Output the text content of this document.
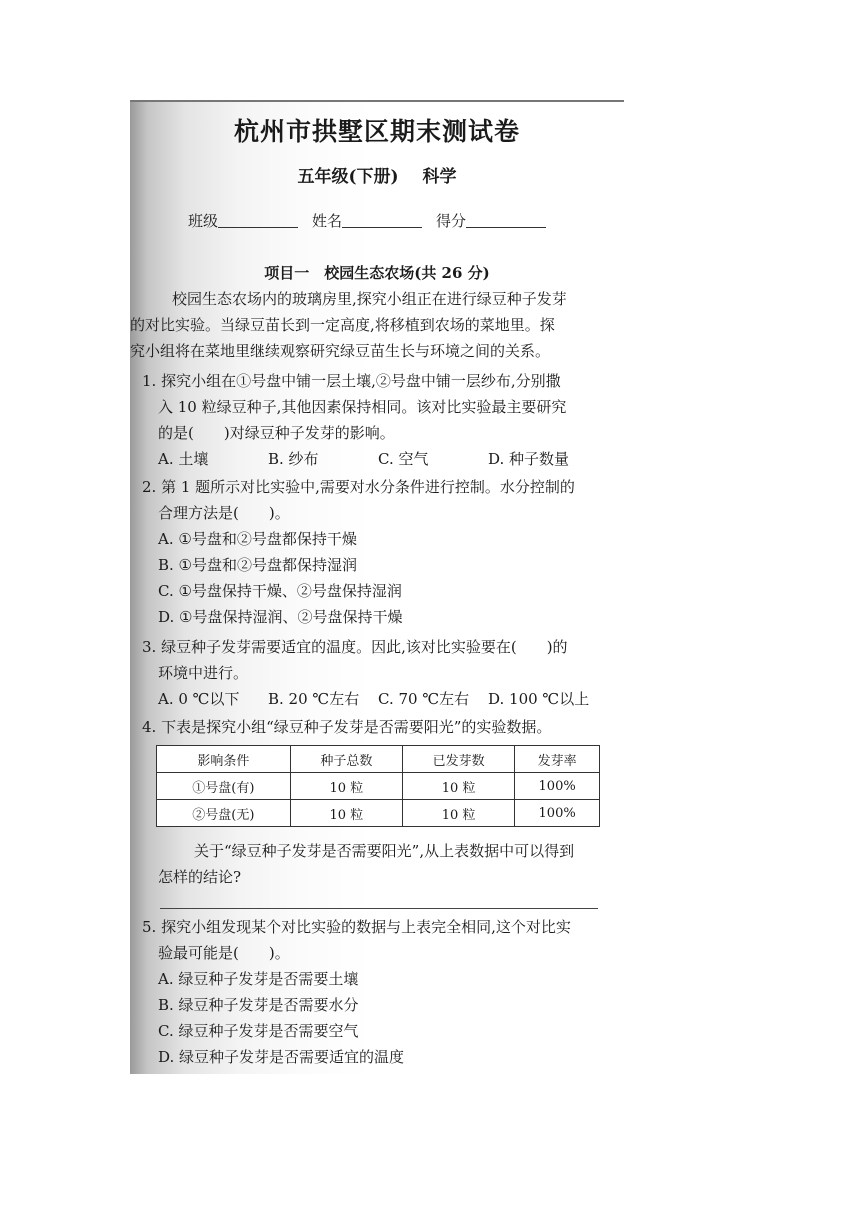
杭州市拱墅区期末测试卷
五年级(下册) 科学
班级	姓名	得分
项目一　校园生态农场(共 26 分)
校园生态农场内的玻璃房里,探究小组正在进行绿豆种子发芽
的对比实验。当绿豆苗长到一定高度,将移植到农场的菜地里。探
究小组将在菜地里继续观察研究绿豆苗生长与环境之间的关系。
1. 探究小组在①号盘中铺一层土壤,②号盘中铺一层纱布,分别撒
入 10 粒绿豆种子,其他因素保持相同。该对比实验最主要研究
的是(　　)对绿豆种子发芽的影响。
A. 土壤	B. 纱布	C. 空气	D. 种子数量
2. 第 1 题所示对比实验中,需要对水分条件进行控制。水分控制的
合理方法是(　　)。
A. ①号盘和②号盘都保持干燥
B. ①号盘和②号盘都保持湿润
C. ①号盘保持干燥、②号盘保持湿润
D. ①号盘保持湿润、②号盘保持干燥
3. 绿豆种子发芽需要适宜的温度。因此,该对比实验要在(　　)的
环境中进行。
A. 0 ℃以下 B. 20 ℃左右 C. 70 ℃左右 D. 100 ℃以上
4. 下表是探究小组“绿豆种子发芽是否需要阳光”的实验数据。
影响条件	种子总数	已发芽数	发芽率
①号盘(有)	10 粒	10 粒	100%
②号盘(无)	10 粒	10 粒	100%
关于“绿豆种子发芽是否需要阳光”,从上表数据中可以得到
怎样的结论?
5. 探究小组发现某个对比实验的数据与上表完全相同,这个对比实
验最可能是(　　)。
A. 绿豆种子发芽是否需要土壤
B. 绿豆种子发芽是否需要水分
C. 绿豆种子发芽是否需要空气
D. 绿豆种子发芽是否需要适宜的温度
